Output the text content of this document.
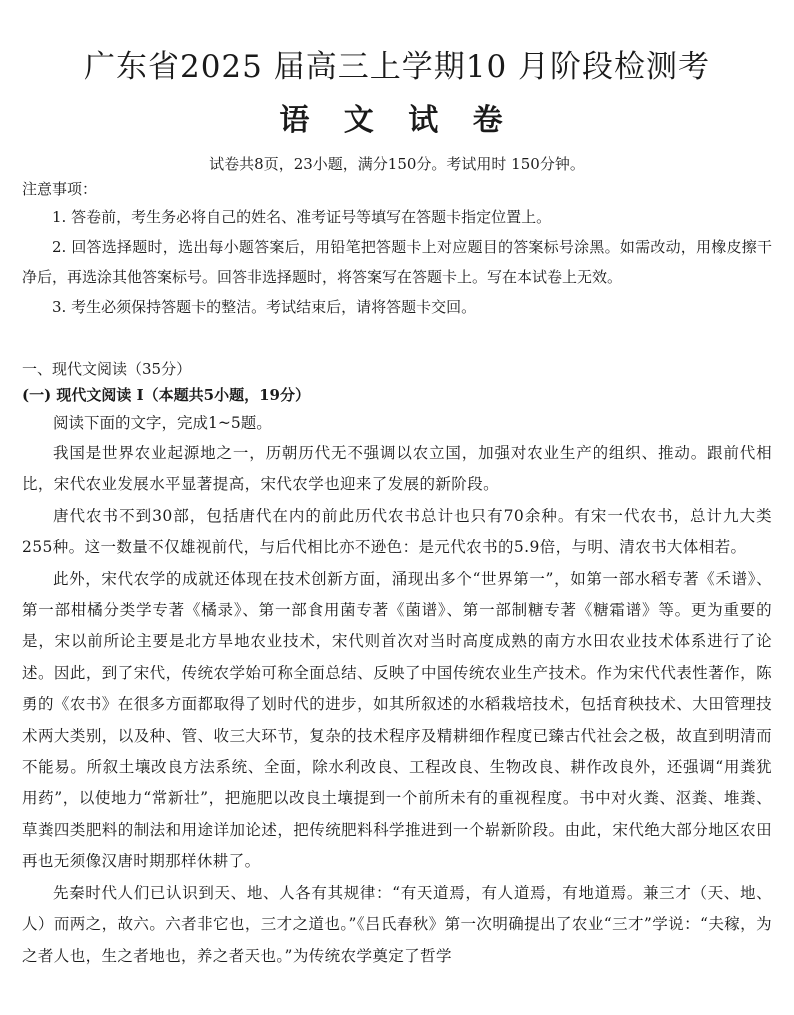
广东省2025 届高三上学期10 月阶段检测考
语 文 试 卷
试卷共8页，23小题，满分150分。考试用时 150分钟。
注意事项：
1. 答卷前，考生务必将自己的姓名、准考证号等填写在答题卡指定位置上。
2. 回答选择题时，选出每小题答案后，用铅笔把答题卡上对应题目的答案标号涂黑。如需改动，用橡皮擦干净后，再选涂其他答案标号。回答非选择题时，将答案写在答题卡上。写在本试卷上无效。
3. 考生必须保持答题卡的整洁。考试结束后，请将答题卡交回。
一、现代文阅读（35分）
(一) 现代文阅读 I（本题共5小题，19分）
阅读下面的文字，完成1~5题。
我国是世界农业起源地之一，历朝历代无不强调以农立国，加强对农业生产的组织、推动。跟前代相比，宋代农业发展水平显著提高，宋代农学也迎来了发展的新阶段。
唐代农书不到30部，包括唐代在内的前此历代农书总计也只有70余种。有宋一代农书，总计九大类255种。这一数量不仅雄视前代，与后代相比亦不逊色：是元代农书的5.9倍，与明、清农书大体相若。
此外，宋代农学的成就还体现在技术创新方面，涌现出多个“世界第一”，如第一部水稻专著《禾谱》、第一部柑橘分类学专著《橘录》、第一部食用菌专著《菌谱》、第一部制糖专著《糖霜谱》等。更为重要的是，宋以前所论主要是北方旱地农业技术，宋代则首次对当时高度成熟的南方水田农业技术体系进行了论述。因此，到了宋代，传统农学始可称全面总结、反映了中国传统农业生产技术。作为宋代代表性著作，陈勇的《农书》在很多方面都取得了划时代的进步，如其所叙述的水稻栽培技术，包括育秧技术、大田管理技术两大类别，以及种、管、收三大环节，复杂的技术程序及精耕细作程度已臻古代社会之极，故直到明清而不能易。所叙土壤改良方法系统、全面，除水利改良、工程改良、生物改良、耕作改良外，还强调“用粪犹用药”，以使地力“常新壮”，把施肥以改良土壤提到一个前所未有的重视程度。书中对火粪、沤粪、堆粪、草粪四类肥料的制法和用途详加论述，把传统肥料科学推进到一个崭新阶段。由此，宋代绝大部分地区农田再也无须像汉唐时期那样休耕了。
先秦时代人们已认识到天、地、人各有其规律：“有天道焉，有人道焉，有地道焉。兼三才（天、地、人）而两之，故六。六者非它也，三才之道也。”《吕氏春秋》第一次明确提出了农业“三才”学说：“夫稼，为之者人也，生之者地也，养之者天也。”为传统农学奠定了哲学
